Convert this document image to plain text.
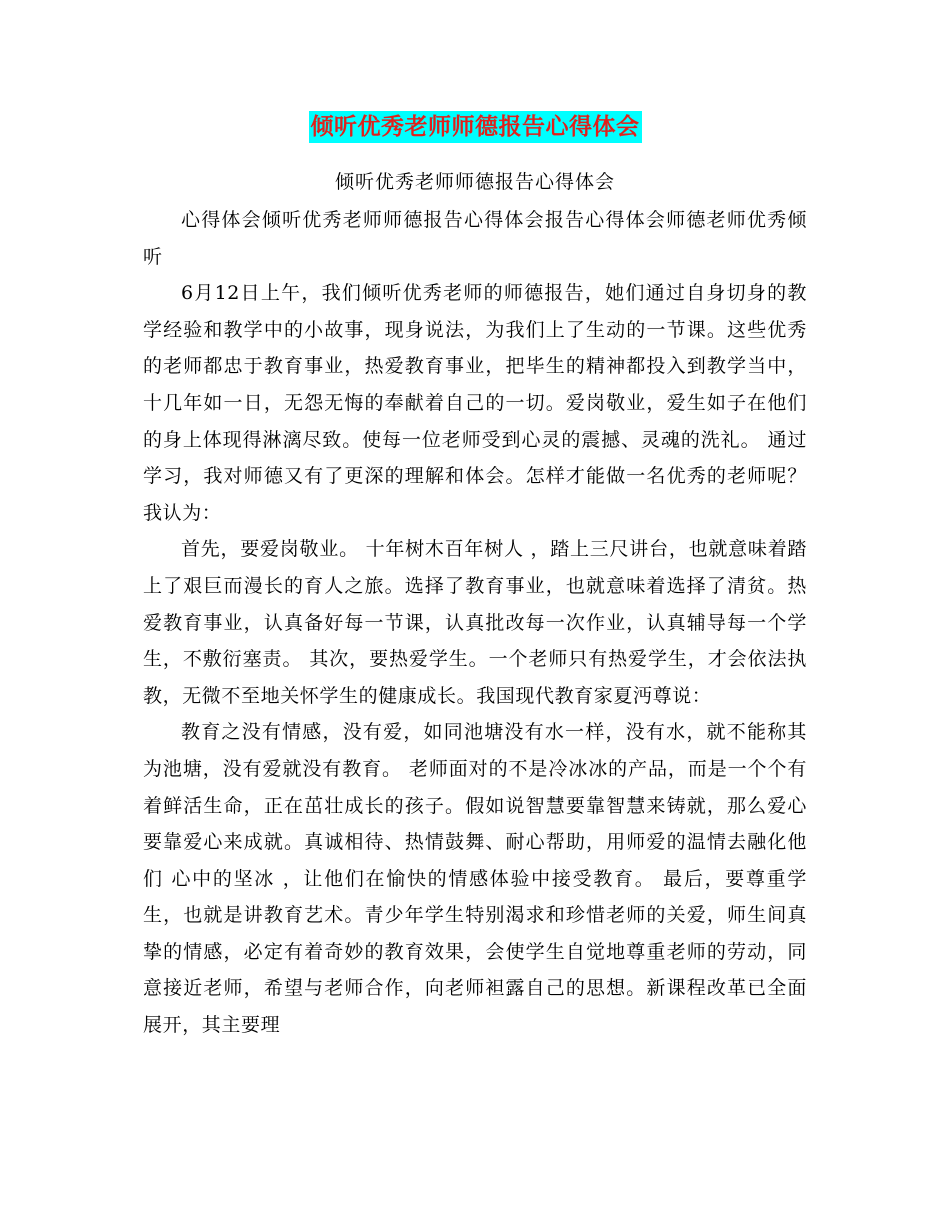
倾听优秀老师师德报告心得体会
倾听优秀老师师德报告心得体会

心得体会倾听优秀老师师德报告心得体会报告心得体会师德老师优秀倾听

6月12日上午，我们倾听优秀老师的师德报告，她们通过自身切身的教学经验和教学中的小故事，现身说法，为我们上了生动的一节课。这些优秀的老师都忠于教育事业，热爱教育事业，把毕生的精神都投入到教学当中，十几年如一日，无怨无悔的奉献着自己的一切。爱岗敬业，爱生如子在他们的身上体现得淋漓尽致。使每一位老师受到心灵的震撼、灵魂的洗礼。 通过学习，我对师德又有了更深的理解和体会。怎样才能做一名优秀的老师呢？我认为：

首先，要爱岗敬业。 十年树木百年树人 ，踏上三尺讲台，也就意味着踏上了艰巨而漫长的育人之旅。选择了教育事业，也就意味着选择了清贫。热爱教育事业，认真备好每一节课，认真批改每一次作业，认真辅导每一个学生，不敷衍塞责。 其次，要热爱学生。一个老师只有热爱学生，才会依法执教，无微不至地关怀学生的健康成长。我国现代教育家夏沔尊说：

教育之没有情感，没有爱，如同池塘没有水一样，没有水，就不能称其为池塘，没有爱就没有教育。 老师面对的不是冷冰冰的产品，而是一个个有着鲜活生命，正在茁壮成长的孩子。假如说智慧要靠智慧来铸就，那么爱心要靠爱心来成就。真诚相待、热情鼓舞、耐心帮助，用师爱的温情去融化他们 心中的坚冰 ，让他们在愉快的情感体验中接受教育。 最后，要尊重学生，也就是讲教育艺术。青少年学生特别渴求和珍惜老师的关爱，师生间真挚的情感，必定有着奇妙的教育效果，会使学生自觉地尊重老师的劳动，同意接近老师，希望与老师合作，向老师袒露自己的思想。新课程改革已全面展开，其主要理
